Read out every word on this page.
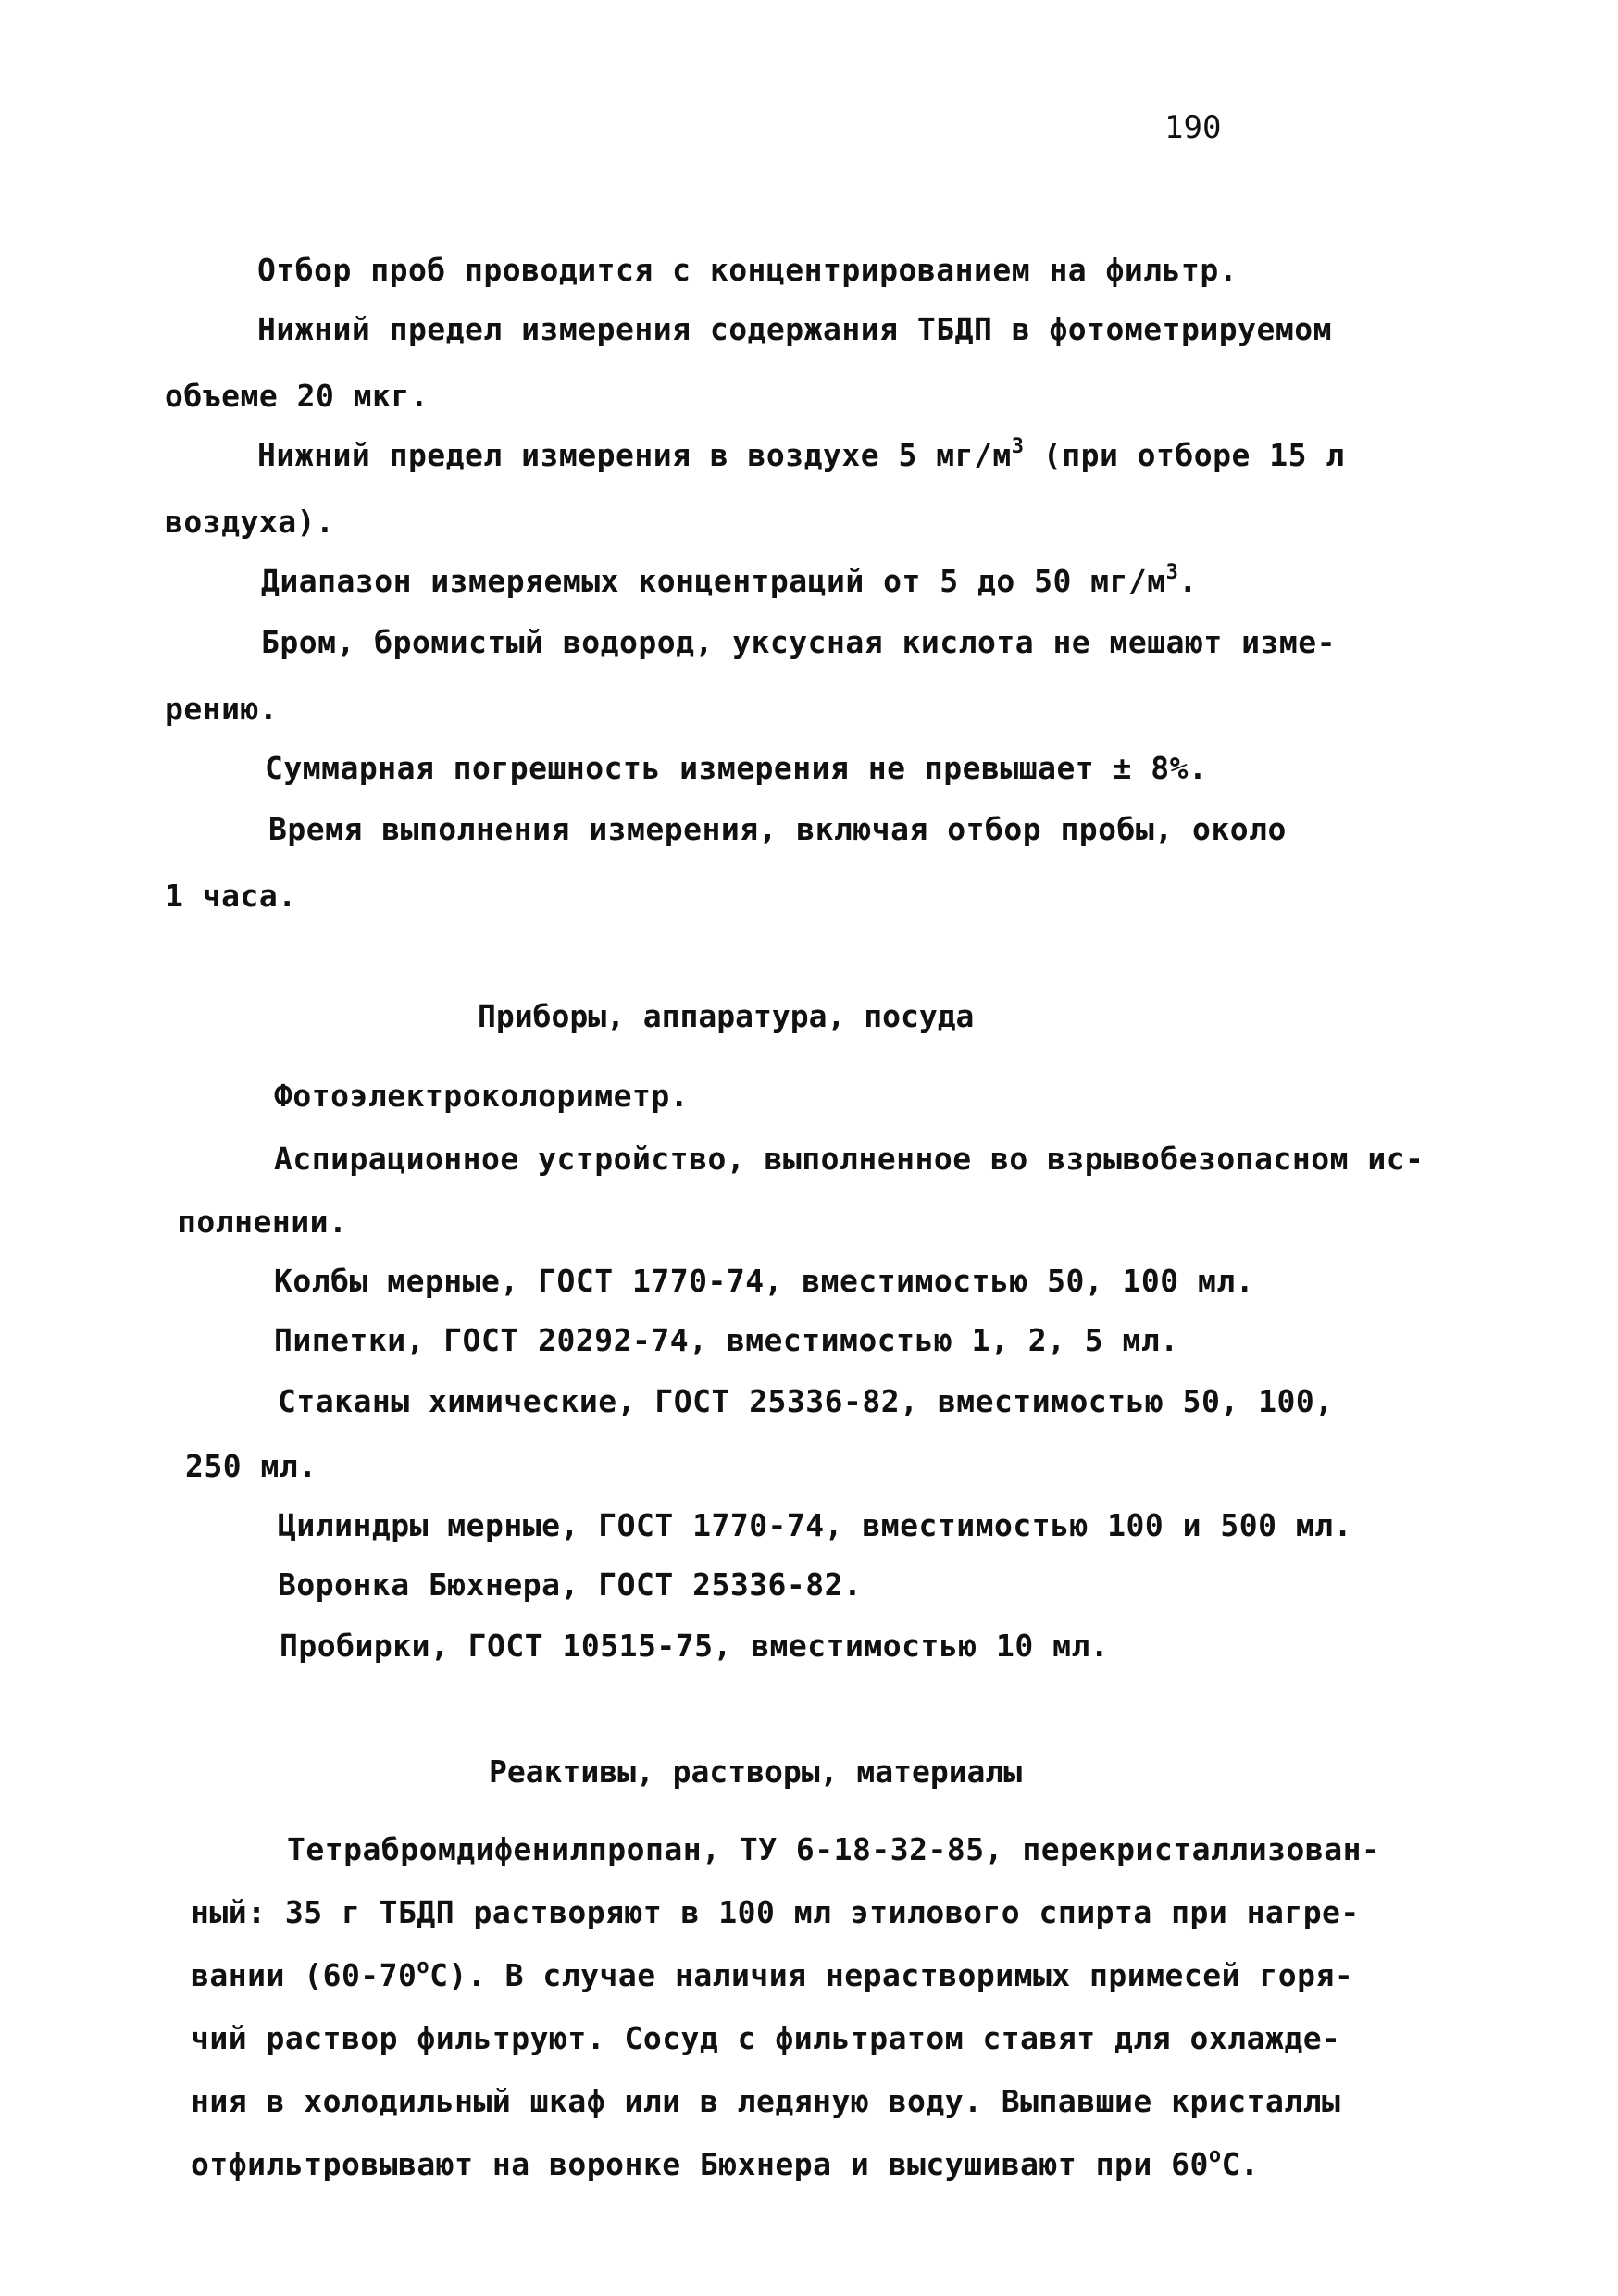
190
Отбор проб проводится с концентрированием на фильтр.
Нижний предел измерения содержания ТБДП в фотометрируемом
объеме 20 мкг.
Нижний предел измерения в воздухе 5 $мг/м^3$ (при отборе 15 л
воздуха).
Диапазон измеряемых концентраций от 5 до 50 $мг/м^3$.
Бром, бромистый водород, уксусная кислота не мешают изме-
рению.
Суммарная погрешность измерения не превышает ± 8%.
Время выполнения измерения, включая отбор пробы, около
1 часа.
Приборы, аппаратура, посуда
Фотоэлектроколориметр.
Аспирационное устройство, выполненное во взрывобезопасном ис-
полнении.
Колбы мерные, ГОСТ 1770-74, вместимостью 50, 100 мл.
Пипетки, ГОСТ 20292-74, вместимостью 1, 2, 5 мл.
Стаканы химические, ГОСТ 25336-82, вместимостью 50, 100,
250 мл.
Цилиндры мерные, ГОСТ 1770-74, вместимостью 100 и 500 мл.
Воронка Бюхнера, ГОСТ 25336-82.
Пробирки, ГОСТ 10515-75, вместимостью 10 мл.
Реактивы, растворы, материалы
Тетрабромдифенилпропан, ТУ 6-18-32-85, перекристаллизован-
ный: 35 г ТБДП растворяют в 100 мл этилового спирта при нагре-
вании $(60-70^оС)$. В случае наличия нерастворимых примесей горя-
чий раствор фильтруют. Сосуд с фильтратом ставят для охлажде-
ния в холодильный шкаф или в ледяную воду. Выпавшие кристаллы
отфильтровывают на воронке Бюхнера и высушивают при $60^оС$.
